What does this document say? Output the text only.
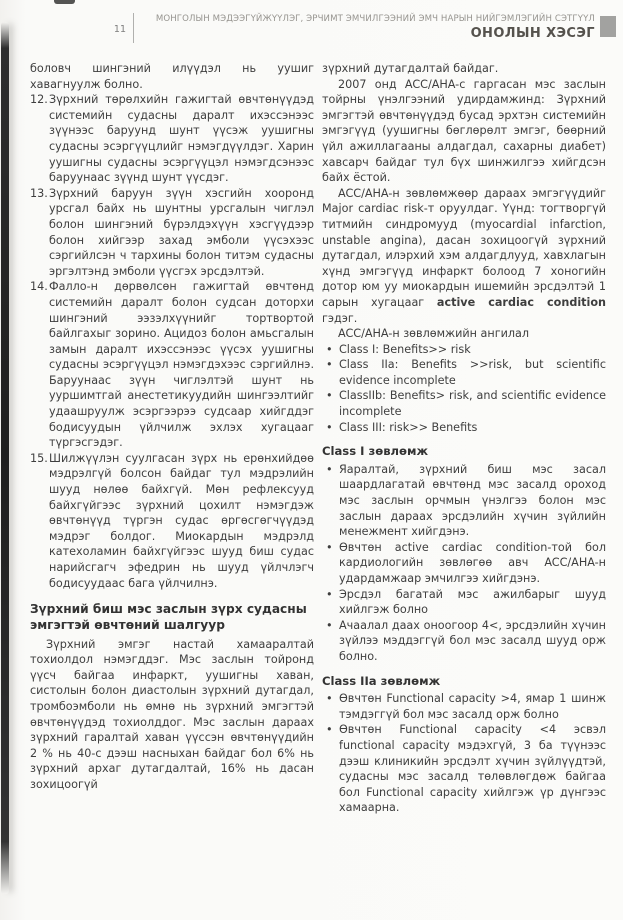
11
МОНГОЛЫН МЭДЭЭГҮЙЖҮҮЛЭГ, ЭРЧИМТ ЭМЧИЛГЭЭНИЙ ЭМЧ НАРЫН НИЙГЭМЛЭГИЙН СЭТГҮҮЛ
ОНОЛЫН ХЭСЭГ

боловч шингэний илүүдэл нь уушиг хавагнуулж болно.

12. Зүрхний төрөлхийн гажигтай өвчтөнүүдэд системийн судасны даралт ихэссэнээс зүүнээс баруунд шунт үүсэж уушигны судасны эсэргүүцлийг нэмэгдүүлдэг. Харин уушигны судасны эсэргүүцэл нэмэгдсэнээс баруунаас зүүнд шунт үүсдэг.
13. Зүрхний баруун зүүн хэсгийн хооронд урсгал байх нь шунтны урсгалын чиглэл болон шингэний бүрэлдэхүүн хэсгүүдээр болон хийгээр захад эмболи үүсэхээс сэргийлсэн ч тархины болон титэм судасны эргэлтэнд эмболи үүсгэх эрсдэлтэй.
14. Фалло-н дөрвөлсөн гажигтай өвчтөнд системийн даралт болон судсан доторхи шингэний ээзэлхүүнийг тортвортой байлгахыг зорино. Ацидоз болон амьсгалын замын даралт ихэссэнээс үүсэх уушигны судасны эсэргүүцэл нэмэгдэхээс сэргийлнэ. Баруунаас зүүн чиглэлтэй шунт нь ууршимтгай анестетикуудийн шингээлтийг удаашруулж эсэргээрээ судсаар хийгддэг бодисуудын үйлчилж эхлэх хугацааг түргэсгэдэг.
15. Шилжүүлэн суулгасан зүрх нь ерөнхийдөө мэдрэлгүй болсон байдаг тул мэдрэлийн шууд нөлөө байхгүй. Мөн рефлексууд байхгүйгээс зүрхний цохилт нэмэгдэж өвчтөнүүд түргэн судас өргөсгөгчүүдэд мэдрэг болдог. Миокардын мэдрэлд катехоламин байхгүйгээс шууд биш судас нарийсгагч эфедрин нь шууд үйлчлэгч бодисуудаас бага үйлчилнэ.
Зүрхний биш мэс заслын зүрх судасны эмгэгтэй өвчтөний шалгуур

Зүрхний эмгэг настай хамааралтай тохиолдол нэмэгддэг. Мэс заслын тойронд үүсч байгаа инфаркт, уушигны хаван, систолын болон диастолын зүрхний дутагдал, тромбоэмболи нь өмнө нь зүрхний эмгэгтэй өвчтөнүүдэд тохиолддог. Мэс заслын дараах зүрхний гаралтай хаван үүссэн өвчтөнүүдийн 2 % нь 40-с дээш насныхан байдаг бол 6% нь зүрхний архаг дутагдалтай, 16% нь дасан зохицоогүй

зүрхний дутагдалтай байдаг.

2007 онд ACC/AHA-с гаргасан мэс заслын тойрны үнэлгээний удирдамжинд: Зүрхний эмгэгтэй өвчтөнүүдэд бусад эрхтэн системийн эмгэгүүд (уушигны бөглөрөлт эмгэг, бөөрний үйл ажиллагааны алдагдал, сахарны диабет) хавсарч байдаг тул бүх шинжилгээ хийгдсэн байх ёстой.

ACC/AHA-н зөвлөмжөөр дараах эмгэгүүдийг Major cardiac risk-т оруулдаг. Үүнд: тогтворгүй титмийн синдромууд (myocardial infarction, unstable angina), дасан зохицоогүй зүрхний дутагдал, илэрхий хэм алдагдлууд, хавхлагын хүнд эмгэгүүд инфаркт болоод 7 хоногийн дотор юм уу миокардын ишемийн эрсдэлтэй 1 сарын хугацааг active cardiac condition гэдэг.

ACC/AHA-н зөвлөмжийн ангилал

• Class I: Benefits>> risk
• Class IIa: Benefits >>risk, but scientific evidence incomplete
• ClassIIb: Benefits> risk, and scientific evidence incomplete
• Class III: risk>> Benefits
Class I зөвлөмж
• Яаралтай, зүрхний биш мэс засал шаардлагатай өвчтөнд мэс засалд ороход мэс заслын орчмын үнэлгээ болон мэс заслын дараах эрсдэлийн хүчин зүйлийн менежмент хийгдэнэ.
• Өвчтөн active cardiac condition-той бол кардиологийн зөвлөгөө авч ACC/AHA-н удардамжаар эмчилгээ хийгдэнэ.
• Эрсдэл багатай мэс ажилбарыг шууд хийлгэж болно
• Ачаалал даах оноогоор 4<, эрсдэлийн хүчин зүйлээ мэддэггүй бол мэс засалд шууд орж болно.
Class IIa зөвлөмж
• Өвчтөн Functional capacity >4, ямар 1 шинж тэмдэггүй бол мэс засалд орж болно
• Өвчтөн Functional capacity <4 эсвэл functional capacity мэдэхгүй, 3 ба түүнээс дээш клиникийн эрсдэлт хүчин зүйлүүдтэй, судасны мэс засалд төлөвлөгдөж байгаа бол Functional capacity хийлгэж үр дүнгээс хамаарна.
